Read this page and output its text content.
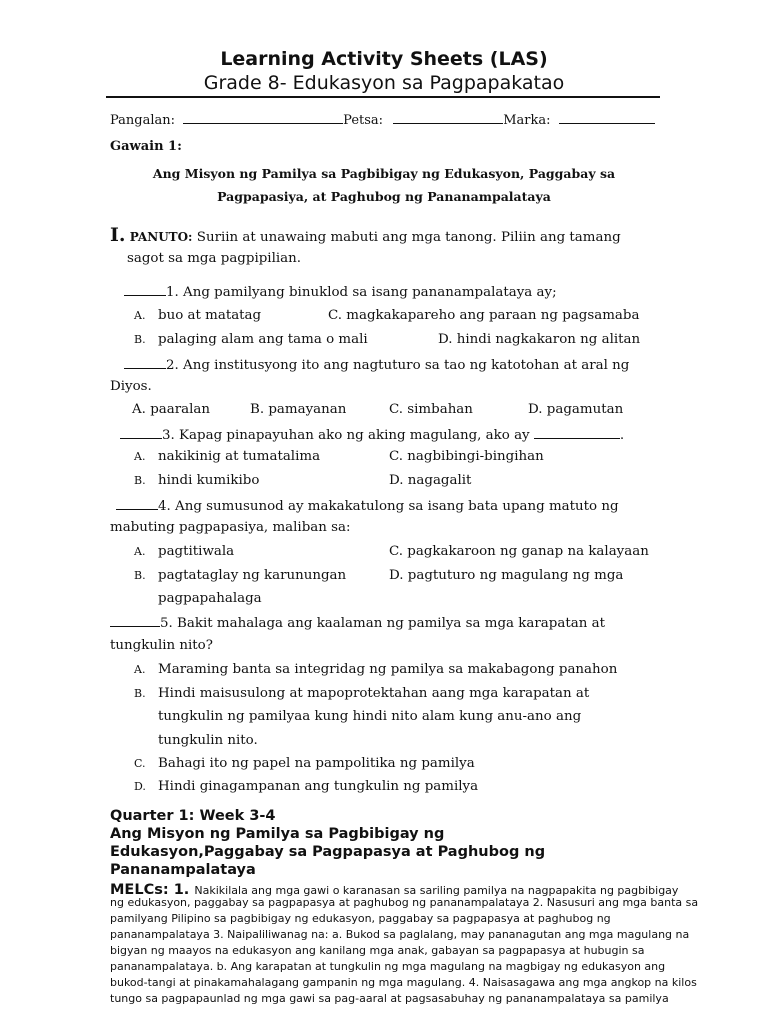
Learning Activity Sheets (LAS)
Grade 8- Edukasyon sa Pagpapakatao
Pangalan:	Petsa:	Marka:
Gawain 1:
Ang Misyon ng Pamilya sa Pagbibigay ng Edukasyon, Paggabay sa
Pagpapasiya, at Paghubog ng Pananampalataya
I. PANUTO: Suriin at unawaing mabuti ang mga tanong. Piliin ang tamang
sagot sa mga pagpipilian.
1. Ang pamilyang binuklod sa isang pananampalataya ay;
A. buo at matatag	C. magkakapareho ang paraan ng pagsamaba
B. palaging alam ang tama o mali	D. hindi nagkakaron ng alitan
2. Ang institusyong ito ang nagtuturo sa tao ng katotohan at aral ng
Diyos.
A. paaralan	B. pamayanan	C. simbahan	D. pagamutan
3. Kapag pinapayuhan ako ng aking magulang, ako ay	.
A. nakikinig at tumatalima	C. nagbibingi-bingihan
B. hindi kumikibo	D. nagagalit
4. Ang sumusunod ay makakatulong sa isang bata upang matuto ng
mabuting pagpapasiya, maliban sa:
A. pagtitiwala	C. pagkakaroon ng ganap na kalayaan
B. pagtataglay ng karunungan	D. pagtuturo ng magulang ng mga
pagpapahalaga
5. Bakit mahalaga ang kaalaman ng pamilya sa mga karapatan at
tungkulin nito?
A. Maraming banta sa integridag ng pamilya sa makabagong panahon
B. Hindi maisusulong at mapoprotektahan aang mga karapatan at
tungkulin ng pamilyaa kung hindi nito alam kung anu-ano ang
tungkulin nito.
C. Bahagi ito ng papel na pampolitika ng pamilya
D. Hindi ginagampanan ang tungkulin ng pamilya
Quarter 1: Week 3-4
Ang Misyon ng Pamilya sa Pagbibigay ng
Edukasyon,Paggabay sa Pagpapasya at Paghubog ng
Pananampalataya
MELCs: 1. Nakikilala ang mga gawi o karanasan sa sariling pamilya na nagpapakita ng pagbibigay
ng edukasyon, paggabay sa pagpapasya at paghubog ng pananampalataya 2. Nasusuri ang mga banta sa
pamilyang Pilipino sa pagbibigay ng edukasyon, paggabay sa pagpapasya at paghubog ng
pananampalataya 3. Naipaliliwanag na: a. Bukod sa paglalang, may pananagutan ang mga magulang na
bigyan ng maayos na edukasyon ang kanilang mga anak, gabayan sa pagpapasya at hubugin sa
pananampalataya. b. Ang karapatan at tungkulin ng mga magulang na magbigay ng edukasyon ang
bukod-tangi at pinakamahalagang gampanin ng mga magulang. 4. Naisasagawa ang mga angkop na kilos
tungo sa pagpapaunlad ng mga gawi sa pag-aaral at pagsasabuhay ng pananampalataya sa pamilya
